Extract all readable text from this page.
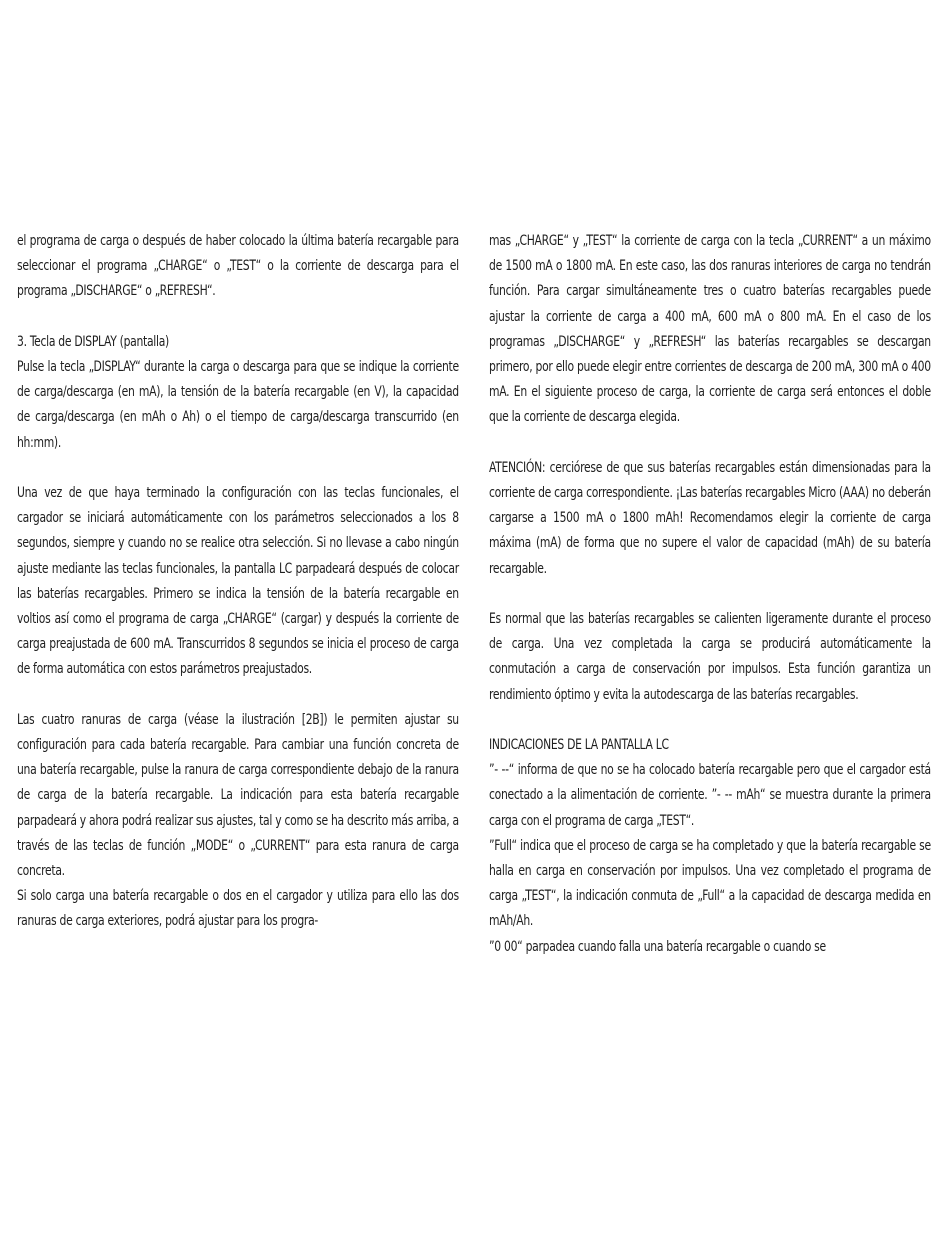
el programa de carga o después de haber colocado la última batería recargable para seleccionar el programa „CHARGE“ o „TEST“ o la corriente de descarga para el programa „DISCHARGE“ o „REFRESH“.

3. Tecla de DISPLAY (pantalla)

Pulse la tecla „DISPLAY“ durante la carga o descarga para que se indique la corriente de carga/descarga (en mA), la tensión de la batería recargable (en V), la capacidad de carga/descarga (en mAh o Ah) o el tiempo de carga/descarga transcurrido (en hh:mm).

Una vez de que haya terminado la configuración con las teclas funcionales, el cargador se iniciará automáticamente con los parámetros seleccionados a los 8 segundos, siempre y cuando no se realice otra selección. Si no llevase a cabo ningún ajuste mediante las teclas funcionales, la pantalla LC parpadeará después de colocar las baterías recargables. Primero se indica la tensión de la batería recargable en voltios así como el programa de carga „CHARGE“ (cargar) y después la corriente de carga preajustada de 600 mA. Transcurridos 8 segundos se inicia el proceso de carga de forma automática con estos parámetros preajustados.

Las cuatro ranuras de carga (véase la ilustración [2B]) le permiten ajustar su configuración para cada batería recargable. Para cambiar una función concreta de una batería recargable, pulse la ranura de carga correspondiente debajo de la ranura de carga de la batería recargable. La indicación para esta batería recargable parpadeará y ahora podrá realizar sus ajustes, tal y como se ha descrito más arriba, a través de las teclas de función „MODE“ o „CURRENT“ para esta ranura de carga concreta.

Si solo carga una batería recargable o dos en el cargador y utiliza para ello las dos ranuras de carga exteriores, podrá ajustar para los progra-

mas „CHARGE“ y „TEST“ la corriente de carga con la tecla „CURRENT“ a un máximo de 1500 mA o 1800 mA. En este caso, las dos ranuras interiores de carga no tendrán función. Para cargar simultáneamente tres o cuatro baterías recargables puede ajustar la corriente de carga a 400 mA, 600 mA o 800 mA. En el caso de los programas „DISCHARGE“ y „REFRESH“ las baterías recargables se descargan primero, por ello puede elegir entre corrientes de descarga de 200 mA, 300 mA o 400 mA. En el siguiente proceso de carga, la corriente de carga será entonces el doble que la corriente de descarga elegida.

ATENCIÓN: cerciórese de que sus baterías recargables están dimensionadas para la corriente de carga correspondiente. ¡Las baterías recargables Micro (AAA) no deberán cargarse a 1500 mA o 1800 mAh! Recomendamos elegir la corriente de carga máxima (mA) de forma que no supere el valor de capacidad (mAh) de su batería recargable.

Es normal que las baterías recargables se calienten ligeramente durante el proceso de carga. Una vez completada la carga se producirá automáticamente la conmutación a carga de conservación por impulsos. Esta función garantiza un rendimiento óptimo y evita la autodescarga de las baterías recargables.

INDICACIONES DE LA PANTALLA LC

”- --“ informa de que no se ha colocado batería recargable pero que el cargador está conectado a la alimentación de corriente. ”- -- mAh“ se muestra durante la primera carga con el programa de carga „TEST“.

”Full“ indica que el proceso de carga se ha completado y que la batería recargable se halla en carga en conservación por impulsos. Una vez completado el programa de carga „TEST“, la indicación conmuta de „Full“ a la capacidad de descarga medida en mAh/Ah.

”0 00“ parpadea cuando falla una batería recargable o cuando se
